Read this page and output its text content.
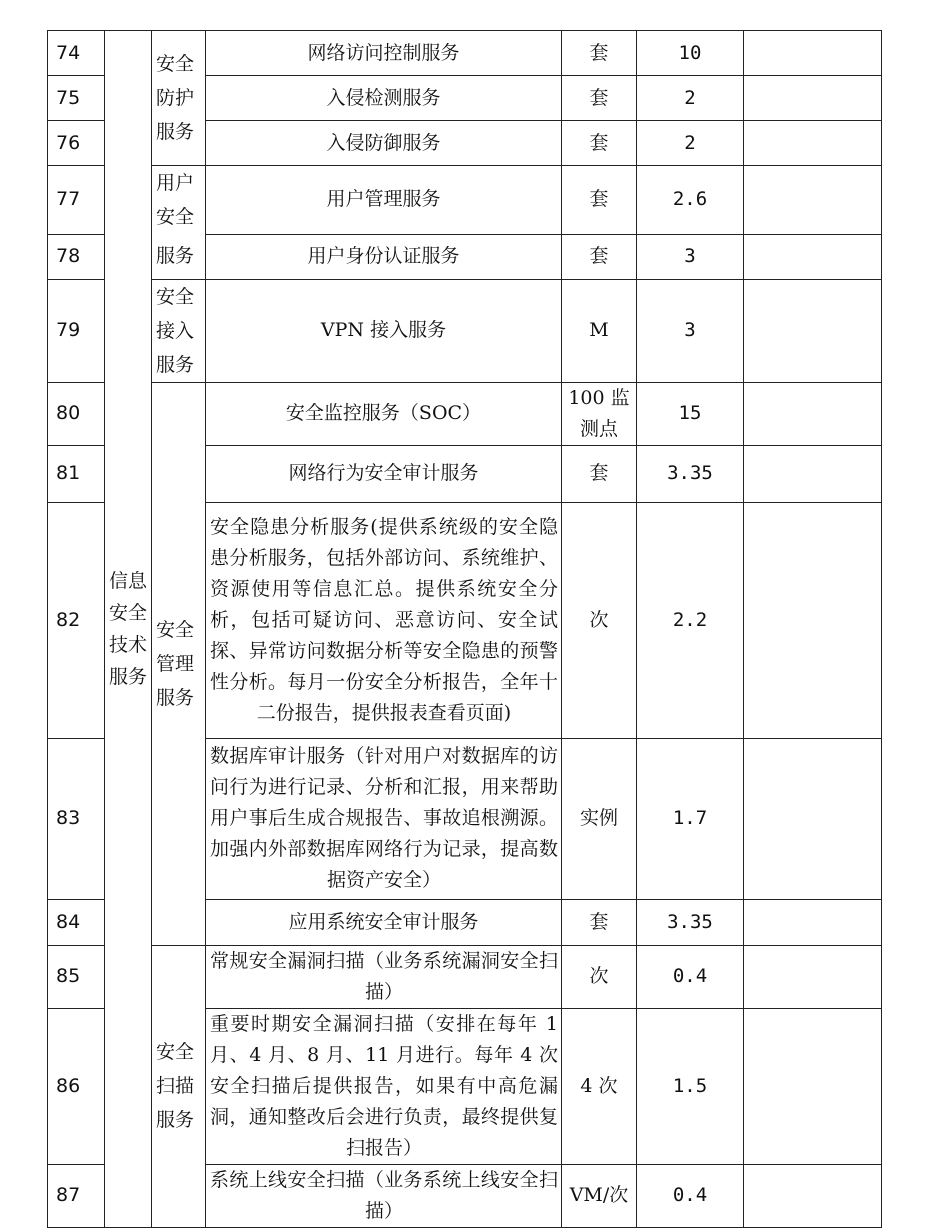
74	信息安全技术服务	安全防护服务	网络访问控制服务	套	10	
75			入侵检测服务	套	2	
76			入侵防御服务	套	2	
77		用户安全	用户管理服务	套	2.6	
78		服务	用户身份认证服务	套	3	
79		安全接入服务	VPN 接入服务	M	3	
80		安全管理服务	安全监控服务（SOC）	100 监测点	15	
81			网络行为安全审计服务	套	3.35	
82			安全隐患分析服务(提供系统级的安全隐患分析服务，包括外部访问、系统维护、资源使用等信息汇总。提供系统安全分析，包括可疑访问、恶意访问、安全试探、异常访问数据分析等安全隐患的预警性分析。每月一份安全分析报告，全年十二份报告，提供报表查看页面)	次	2.2	
83			数据库审计服务（针对用户对数据库的访问行为进行记录、分析和汇报，用来帮助用户事后生成合规报告、事故追根溯源。加强内外部数据库网络行为记录，提高数据资产安全）	实例	1.7	
84			应用系统安全审计服务	套	3.35	
85		安全扫描服务	常规安全漏洞扫描（业务系统漏洞安全扫描）	次	0.4	
86			重要时期安全漏洞扫描（安排在每年 1 月、4 月、8 月、11 月进行。每年 4 次安全扫描后提供报告，如果有中高危漏洞，通知整改后会进行负责，最终提供复扫报告）	4 次	1.5	
87			系统上线安全扫描（业务系统上线安全扫描）	VM/次	0.4	
